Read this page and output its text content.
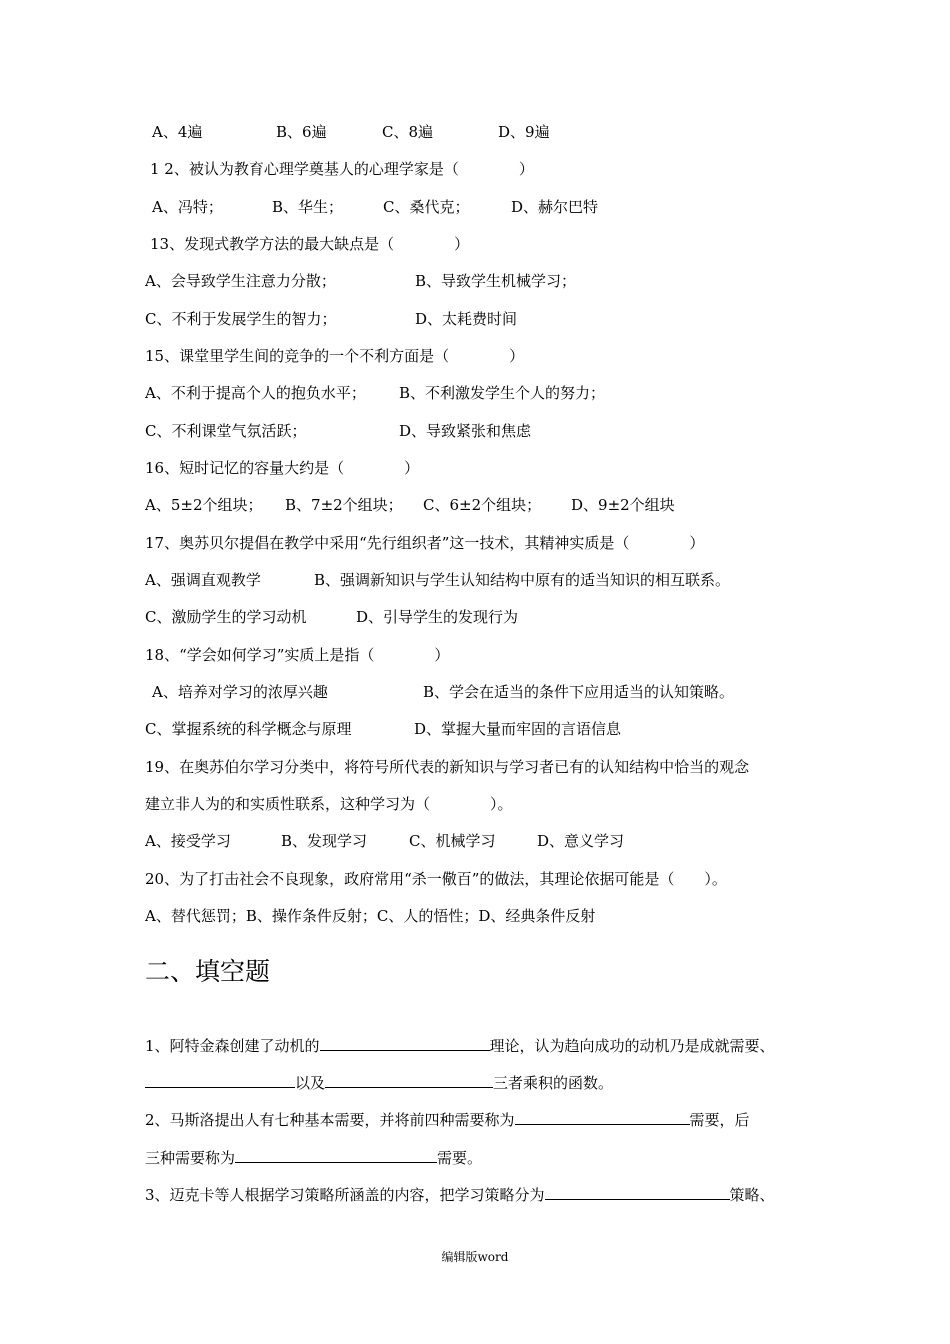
A、4遍	B、6遍	C、8遍	D、9遍
1 2、被认为教育心理学奠基人的心理学家是（　　　　）
A、冯特；	B、华生；	C、桑代克；	D、赫尔巴特
13、发现式教学方法的最大缺点是（　　　　）
A、会导致学生注意力分散；	B、导致学生机械学习；
C、不利于发展学生的智力；	D、太耗费时间
15、课堂里学生间的竞争的一个不利方面是（　　　　）
A、不利于提高个人的抱负水平； B、不利激发学生个人的努力；
C、不利课堂气氛活跃；	D、导致紧张和焦虑
16、短时记忆的容量大约是（　　　　）
A、5±2个组块； B、7±2个组块； C、6±2个组块； D、9±2个组块
17、奥苏贝尔提倡在教学中采用“先行组织者”这一技术，其精神实质是（　　　　）
A、强调直观教学	B、强调新知识与学生认知结构中原有的适当知识的相互联系。
C、激励学生的学习动机	D、引导学生的发现行为
18、“学会如何学习”实质上是指（　　　　）
A、培养对学习的浓厚兴趣	B、学会在适当的条件下应用适当的认知策略。
C、掌握系统的科学概念与原理	D、掌握大量而牢固的言语信息
19、在奥苏伯尔学习分类中，将符号所代表的新知识与学习者已有的认知结构中恰当的观念
建立非人为的和实质性联系，这种学习为（　　　　）。
A、接受学习	B、发现学习	C、机械学习	D、意义学习
20、为了打击社会不良现象，政府常用“杀一儆百”的做法，其理论依据可能是（　　）。
A、替代惩罚；B、操作条件反射；C、人的悟性；D、经典条件反射
二、填空题
1、阿特金森创建了动机的	理论，认为趋向成功的动机乃是成就需要、
以及	三者乘积的函数。
2、马斯洛提出人有七种基本需要，并将前四种需要称为	需要，后
三种需要称为	需要。
3、迈克卡等人根据学习策略所涵盖的内容，把学习策略分为	策略、
编辑版word
